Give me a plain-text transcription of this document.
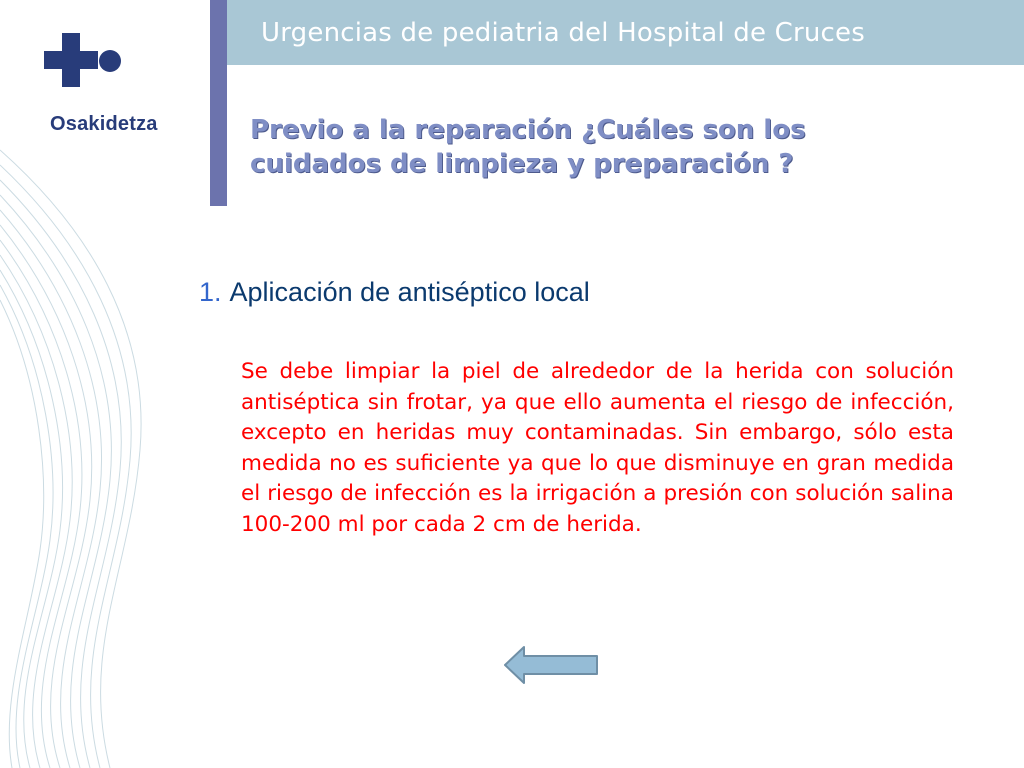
Osakidetza
Urgencias de pediatria del Hospital de Cruces
Previo a la reparación ¿Cuáles son los
cuidados de limpieza y preparación ?
1. Aplicación de antiséptico local
Se debe limpiar la piel de alrededor de la herida con solución antiséptica sin frotar, ya que ello aumenta el riesgo de infección, excepto en heridas muy contaminadas. Sin embargo, sólo esta medida no es suficiente ya que lo que disminuye en gran medida el riesgo de infección es la irrigación a presión con solución salina 100-200 ml por cada 2 cm de herida.
